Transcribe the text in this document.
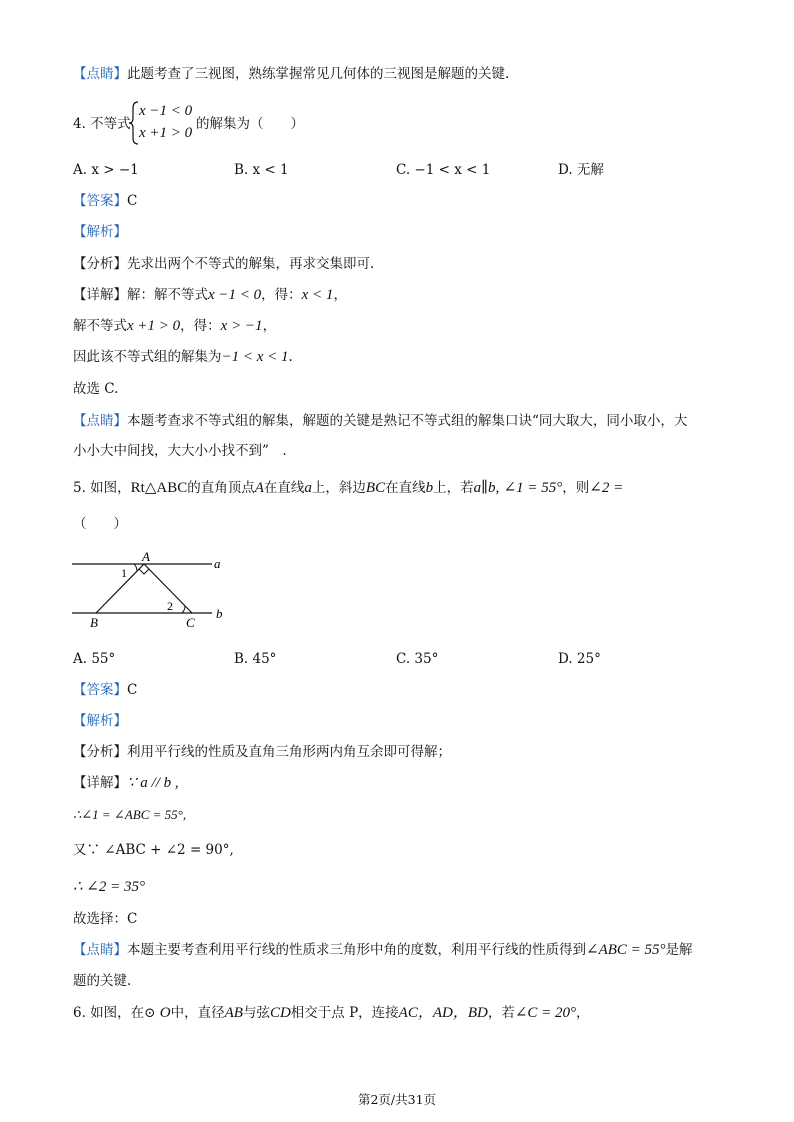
【点睛】此题考查了三视图，熟练掌握常见几何体的三视图是解题的关键.
4. 不等式
x −1 < 0
x +1 > 0
的解集为（　　）
A. x > −1	B. x < 1	C. −1 < x < 1	D. 无解
【答案】C
【解析】
【分析】先求出两个不等式的解集，再求交集即可.
【详解】解：解不等式x −1 < 0，得：x < 1，
解不等式x +1 > 0，得：x > −1，
因此该不等式组的解集为−1 < x < 1.
故选 C.
【点睛】本题考查求不等式组的解集，解题的关键是熟记不等式组的解集口诀“同大取大，同小取小，大
小小大中间找，大大小小找不到”　.
5. 如图，Rt△ABC的直角顶点A在直线a上，斜边BC在直线b上，若a∥b, ∠1 = 55°，则∠2 =
（　　）
A
B	C
a
b
1
2
A. 55°	B. 45°	C. 35°	D. 25°
【答案】C
【解析】
【分析】利用平行线的性质及直角三角形两内角互余即可得解；
【详解】∵ a // b ,
∴∠1 = ∠ABC = 55°,
又∵ ∠ABC + ∠2 = 90°,
∴ ∠2 = 35°
故选择：C
【点睛】本题主要考查利用平行线的性质求三角形中角的度数，利用平行线的性质得到∠ABC = 55°是解
题的关键.
6. 如图，在⊙ O中，直径AB与弦CD相交于点 P，连接AC，AD，BD，若∠C = 20°，
第2页/共31页
